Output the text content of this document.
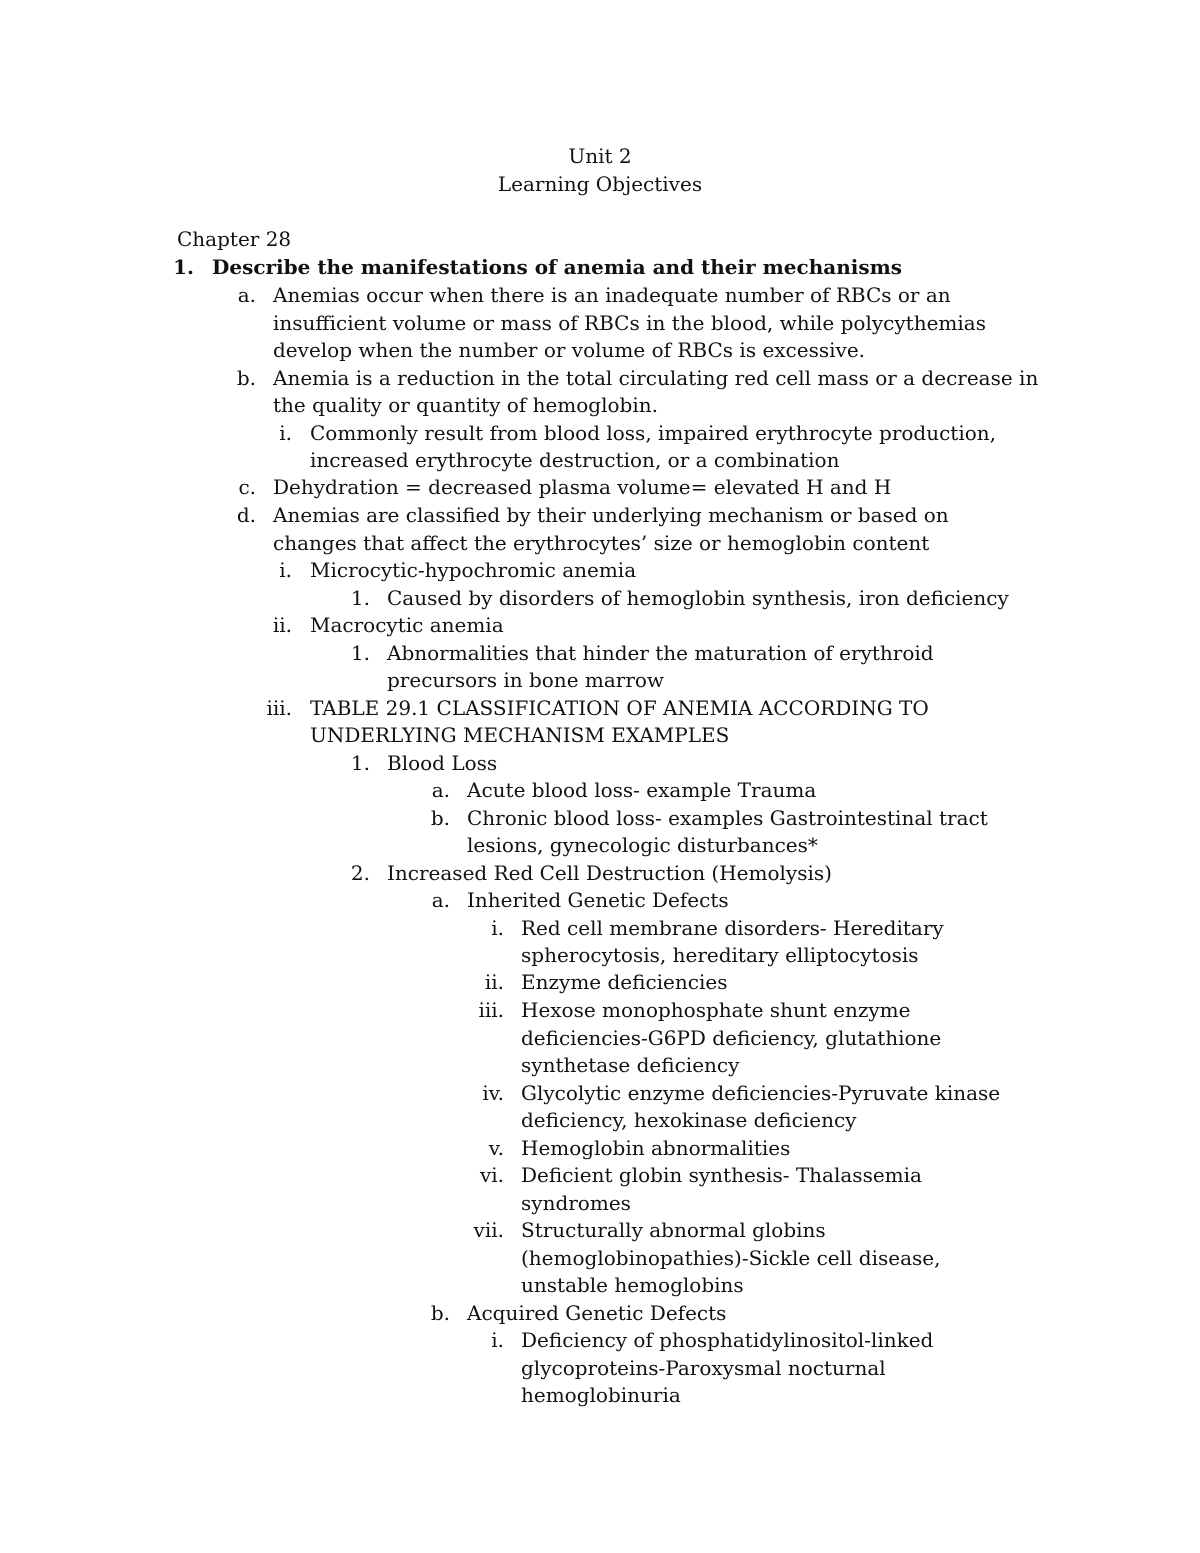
Unit 2
Learning Objectives
Chapter 28
1. Describe the manifestations of anemia and their mechanisms
a. Anemias occur when there is an inadequate number of RBCs or an
insufficient volume or mass of RBCs in the blood, while polycythemias
develop when the number or volume of RBCs is excessive.
b. Anemia is a reduction in the total circulating red cell mass or a decrease in
the quality or quantity of hemoglobin.
i. Commonly result from blood loss, impaired erythrocyte production,
increased erythrocyte destruction, or a combination
c. Dehydration = decreased plasma volume= elevated H and H
d. Anemias are classified by their underlying mechanism or based on
changes that affect the erythrocytes’ size or hemoglobin content
i. Microcytic-hypochromic anemia
1. Caused by disorders of hemoglobin synthesis, iron deficiency
ii. Macrocytic anemia
1. Abnormalities that hinder the maturation of erythroid
precursors in bone marrow
iii. TABLE 29.1 CLASSIFICATION OF ANEMIA ACCORDING TO
UNDERLYING MECHANISM EXAMPLES
1. Blood Loss
a. Acute blood loss- example Trauma
b. Chronic blood loss- examples Gastrointestinal tract
lesions, gynecologic disturbances*
2. Increased Red Cell Destruction (Hemolysis)
a. Inherited Genetic Defects
i. Red cell membrane disorders- Hereditary
spherocytosis, hereditary elliptocytosis
ii. Enzyme deficiencies
iii. Hexose monophosphate shunt enzyme
deficiencies-G6PD deficiency, glutathione
synthetase deficiency
iv. Glycolytic enzyme deficiencies-Pyruvate kinase
deficiency, hexokinase deficiency
v. Hemoglobin abnormalities
vi. Deficient globin synthesis- Thalassemia
syndromes
vii. Structurally abnormal globins
(hemoglobinopathies)-Sickle cell disease,
unstable hemoglobins
b. Acquired Genetic Defects
i. Deficiency of phosphatidylinositol-linked
glycoproteins-Paroxysmal nocturnal
hemoglobinuria
